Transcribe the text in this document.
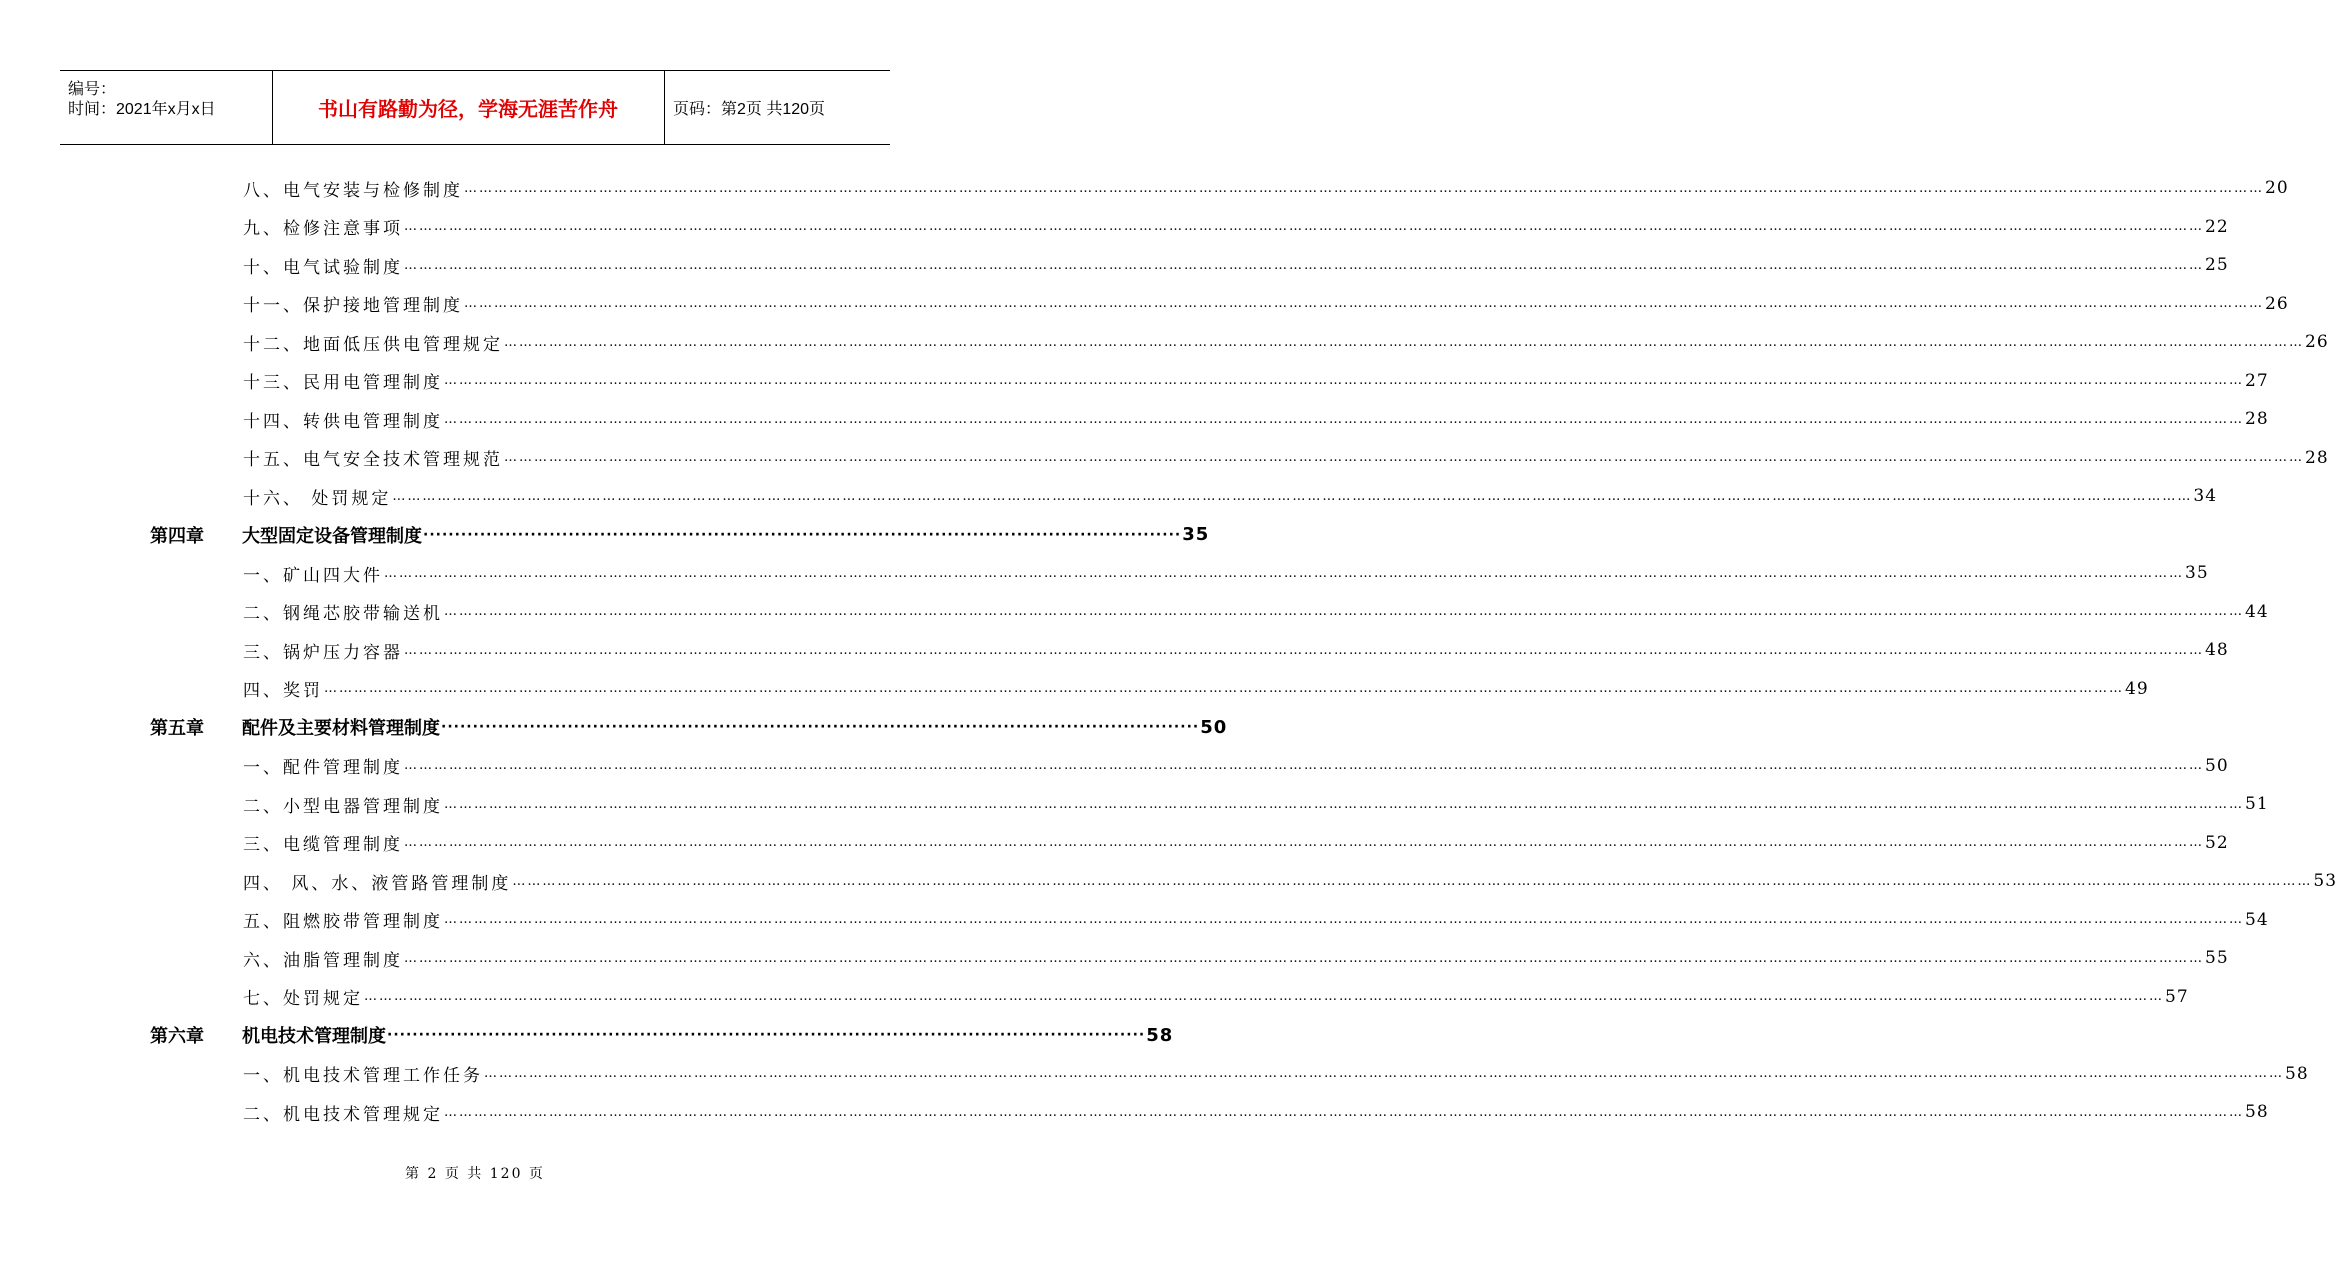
编号：
时间：2021年x月x日	书山有路勤为径，学海无涯苦作舟	页码：第2页 共120页
八、电气安装与检修制度 ……………………………………………………………………………………………………………………………………………………………………………………………………………………………………………………………………………………………………………………………… 20
九、检修注意事项 ……………………………………………………………………………………………………………………………………………………………………………………………………………………………………………………………………………………………………………………………… 22
十、电气试验制度 ……………………………………………………………………………………………………………………………………………………………………………………………………………………………………………………………………………………………………………………………… 25
十一、保护接地管理制度 ……………………………………………………………………………………………………………………………………………………………………………………………………………………………………………………………………………………………………………………………… 26
十二、地面低压供电管理规定 ……………………………………………………………………………………………………………………………………………………………………………………………………………………………………………………………………………………………………………………………… 26
十三、民用电管理制度 ……………………………………………………………………………………………………………………………………………………………………………………………………………………………………………………………………………………………………………………………… 27
十四、转供电管理制度 ……………………………………………………………………………………………………………………………………………………………………………………………………………………………………………………………………………………………………………………………… 28
十五、电气安全技术管理规范 ……………………………………………………………………………………………………………………………………………………………………………………………………………………………………………………………………………………………………………………………… 28
十六、 处罚规定 ……………………………………………………………………………………………………………………………………………………………………………………………………………………………………………………………………………………………………………………………… 34
第四章	大型固定设备管理制度 ························································································································ 35
一、矿山四大件 ……………………………………………………………………………………………………………………………………………………………………………………………………………………………………………………………………………………………………………………………… 35
二、钢绳芯胶带输送机 ……………………………………………………………………………………………………………………………………………………………………………………………………………………………………………………………………………………………………………………………… 44
三、锅炉压力容器 ……………………………………………………………………………………………………………………………………………………………………………………………………………………………………………………………………………………………………………………………… 48
四、奖罚 ……………………………………………………………………………………………………………………………………………………………………………………………………………………………………………………………………………………………………………………………… 49
第五章	配件及主要材料管理制度 ························································································································ 50
一、配件管理制度 ……………………………………………………………………………………………………………………………………………………………………………………………………………………………………………………………………………………………………………………………… 50
二、小型电器管理制度 ……………………………………………………………………………………………………………………………………………………………………………………………………………………………………………………………………………………………………………………………… 51
三、电缆管理制度 ……………………………………………………………………………………………………………………………………………………………………………………………………………………………………………………………………………………………………………………………… 52
四、 风、水、液管路管理制度 ……………………………………………………………………………………………………………………………………………………………………………………………………………………………………………………………………………………………………………………………… 53
五、阻燃胶带管理制度 ……………………………………………………………………………………………………………………………………………………………………………………………………………………………………………………………………………………………………………………………… 54
六、油脂管理制度 ……………………………………………………………………………………………………………………………………………………………………………………………………………………………………………………………………………………………………………………………… 55
七、处罚规定 ……………………………………………………………………………………………………………………………………………………………………………………………………………………………………………………………………………………………………………………………… 57
第六章	机电技术管理制度 ························································································································ 58
一、机电技术管理工作任务 ……………………………………………………………………………………………………………………………………………………………………………………………………………………………………………………………………………………………………………………………… 58
二、机电技术管理规定 ……………………………………………………………………………………………………………………………………………………………………………………………………………………………………………………………………………………………………………………………… 58
第 2 页 共 120 页
